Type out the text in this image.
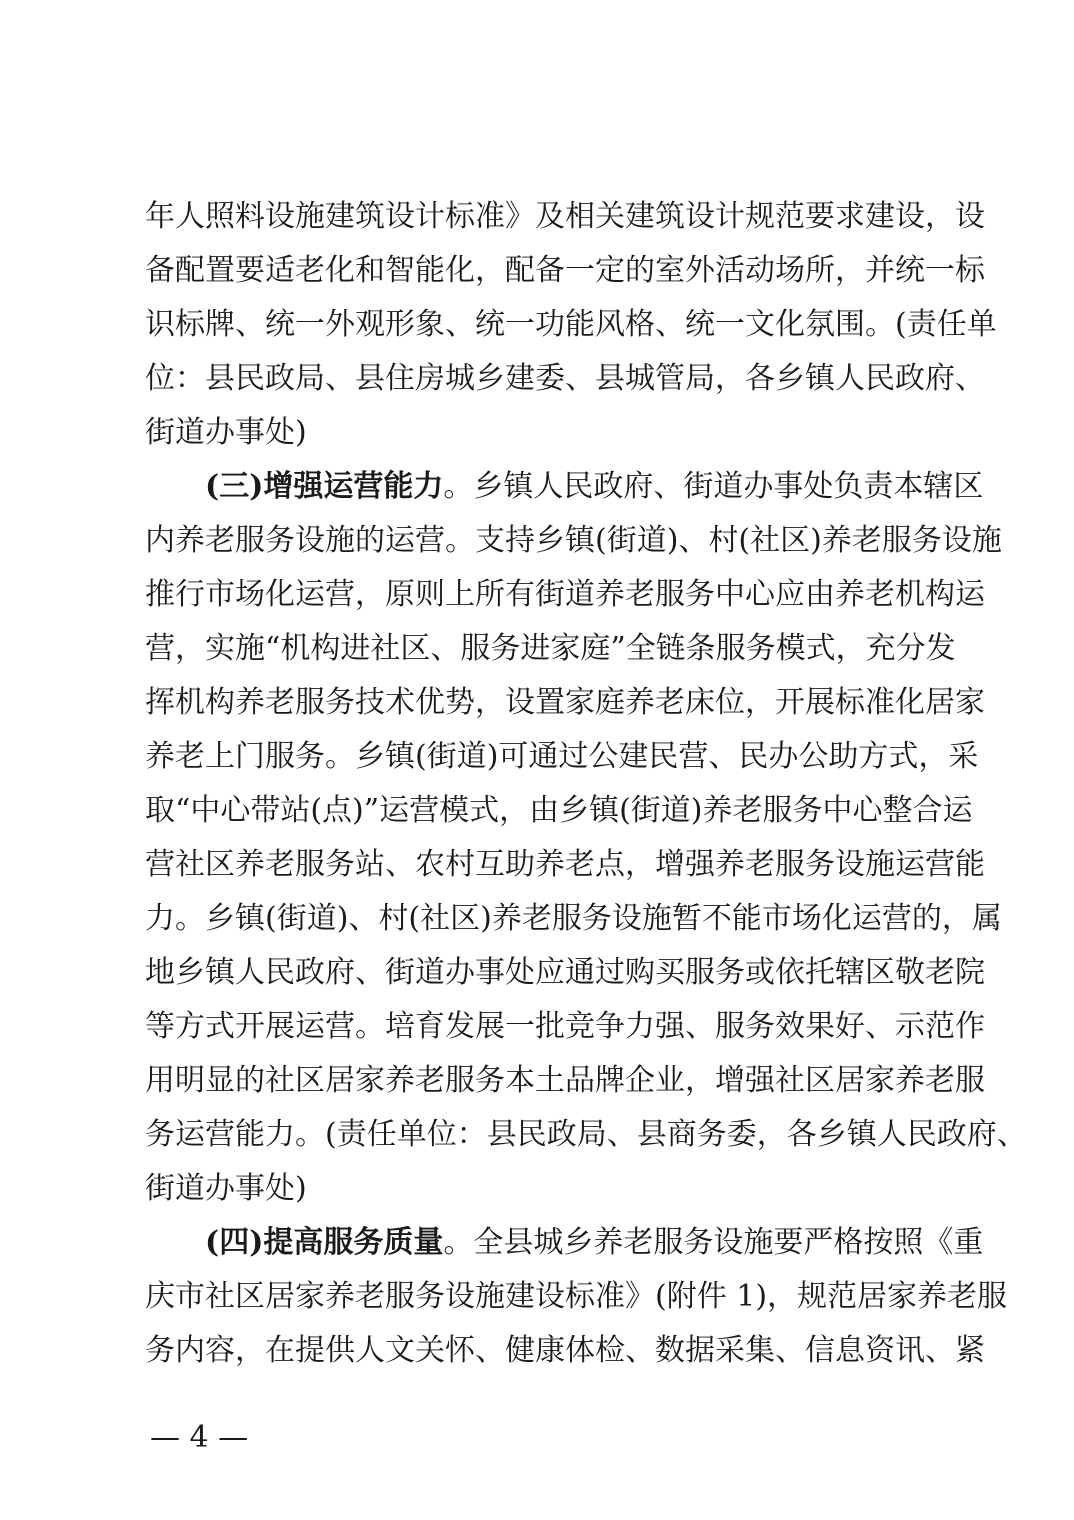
年人照料设施建筑设计标准》及相关建筑设计规范要求建设，设
备配置要适老化和智能化，配备一定的室外活动场所，并统一标
识标牌、统一外观形象、统一功能风格、统一文化氛围。(责任单
位：县民政局、县住房城乡建委、县城管局，各乡镇人民政府、
街道办事处)
(三)增强运营能力。乡镇人民政府、街道办事处负责本辖区
内养老服务设施的运营。支持乡镇(街道)、村(社区)养老服务设施
推行市场化运营，原则上所有街道养老服务中心应由养老机构运
营，实施“机构进社区、服务进家庭”全链条服务模式，充分发
挥机构养老服务技术优势，设置家庭养老床位，开展标准化居家
养老上门服务。乡镇(街道)可通过公建民营、民办公助方式，采
取“中心带站(点)”运营模式，由乡镇(街道)养老服务中心整合运
营社区养老服务站、农村互助养老点，增强养老服务设施运营能
力。乡镇(街道)、村(社区)养老服务设施暂不能市场化运营的，属
地乡镇人民政府、街道办事处应通过购买服务或依托辖区敬老院
等方式开展运营。培育发展一批竞争力强、服务效果好、示范作
用明显的社区居家养老服务本土品牌企业，增强社区居家养老服
务运营能力。(责任单位：县民政局、县商务委，各乡镇人民政府、
街道办事处)
(四)提高服务质量。全县城乡养老服务设施要严格按照《重
庆市社区居家养老服务设施建设标准》(附件 1)，规范居家养老服
务内容，在提供人文关怀、健康体检、数据采集、信息资讯、紧
— 4 —
